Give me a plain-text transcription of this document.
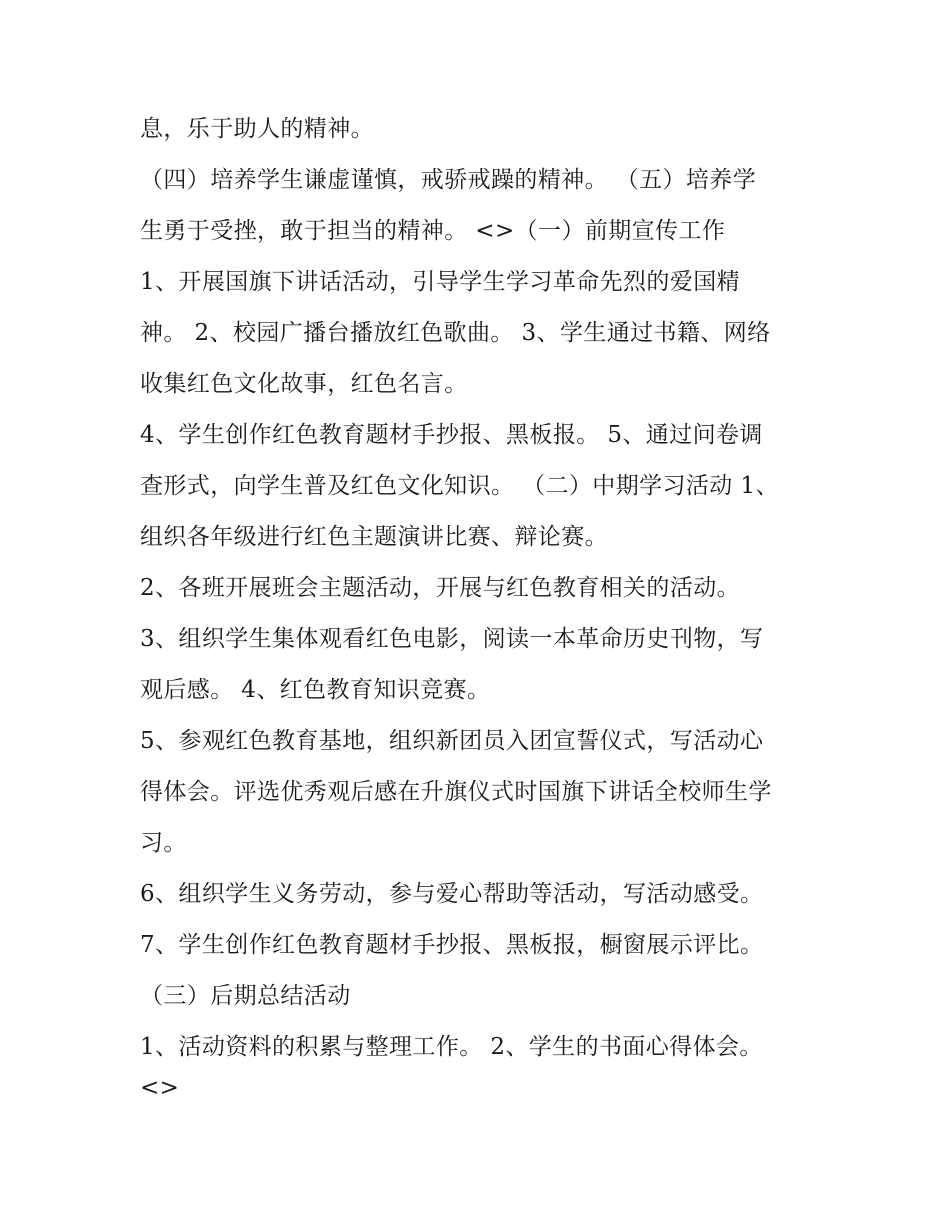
息，乐于助人的精神。
（四）培养学生谦虚谨慎，戒骄戒躁的精神。 （五）培养学
生勇于受挫，敢于担当的精神。 <>（一）前期宣传工作
1、开展国旗下讲话活动，引导学生学习革命先烈的爱国精
神。 2、校园广播台播放红色歌曲。 3、学生通过书籍、网络
收集红色文化故事，红色名言。
4、学生创作红色教育题材手抄报、黑板报。 5、通过问卷调
查形式，向学生普及红色文化知识。 （二）中期学习活动 1、
组织各年级进行红色主题演讲比赛、辩论赛。
2、各班开展班会主题活动，开展与红色教育相关的活动。
3、组织学生集体观看红色电影，阅读一本革命历史刊物，写
观后感。 4、红色教育知识竞赛。
5、参观红色教育基地，组织新团员入团宣誓仪式，写活动心
得体会。评选优秀观后感在升旗仪式时国旗下讲话全校师生学
习。
6、组织学生义务劳动，参与爱心帮助等活动，写活动感受。
7、学生创作红色教育题材手抄报、黑板报，橱窗展示评比。
（三）后期总结活动
1、活动资料的积累与整理工作。 2、学生的书面心得体会。
<>
